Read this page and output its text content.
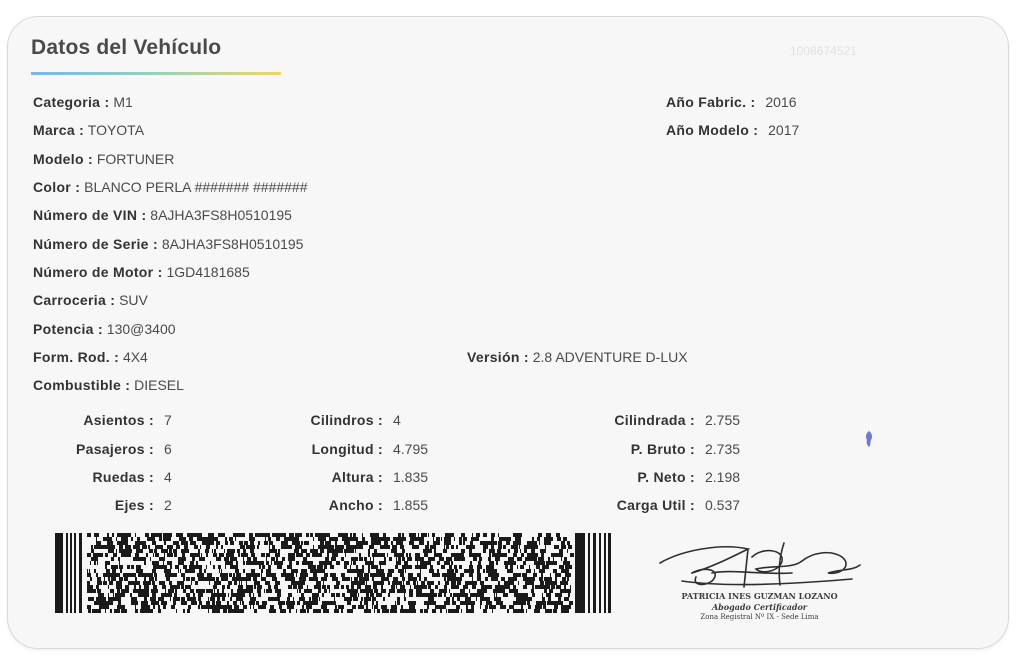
Datos del Vehículo	1008674521
Categoria : M1
Marca : TOYOTA
Modelo : FORTUNER
Color : BLANCO PERLA ####### #######
Número de VIN : 8AJHA3FS8H0510195
Número de Serie : 8AJHA3FS8H0510195
Número de Motor : 1GD4181685
Carroceria : SUV
Potencia : 130@3400
Form. Rod. : 4X4
Combustible : DIESEL
Año Fabric. : 2016
Año Modelo : 2017
Versión : 2.8 ADVENTURE D-LUX
Asientos : 7
Pasajeros : 6
Ruedas : 4
Ejes : 2
Cilindros : 4
Longitud : 4.795
Altura : 1.835
Ancho : 1.855
Cilindrada : 2.755
P. Bruto : 2.735
P. Neto : 2.198
Carga Util : 0.537
PATRICIA INES GUZMAN LOZANO
Abogado Certificador
Zona Registral Nº IX - Sede Lima
